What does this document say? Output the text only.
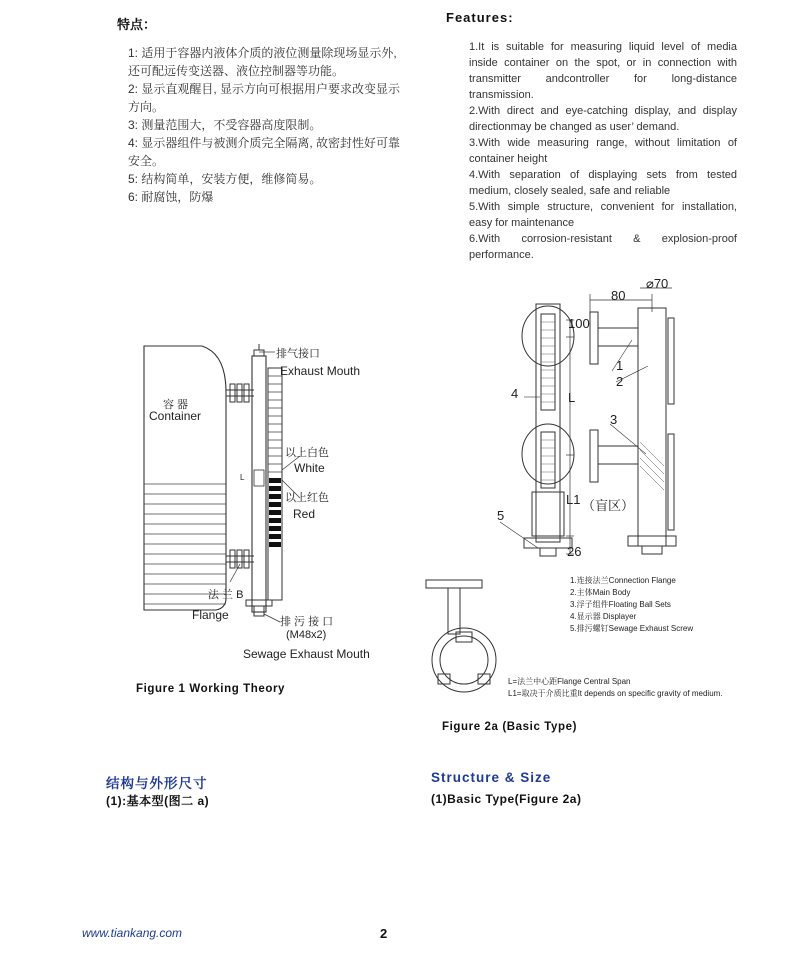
特点：

1: 适用于容器内液体介质的液位测量除现场显示外,

还可配远传变送器、液位控制器等功能。

2: 显示直观醒目, 显示方向可根据用户要求改变显示

方向。

3: 测量范围大，不受容器高度限制。

4: 显示器组件与被测介质完全隔离, 故密封性好可靠

安全。

5: 结构简单，安装方便，维修简易。

6: 耐腐蚀，防爆

Features:

1.It is suitable for measuring liquid level of media inside container on the spot, or in connection with transmitter andcontroller for long-distance transmission.

2.With direct and eye-catching display, and display directionmay be changed as user’ demand.

3.With wide measuring range, without limitation of container height

4.With separation of displaying sets from tested medium, closely sealed, safe and reliable

5.With simple structure, convenient for installation, easy for maintenance

6.With corrosion-resistant & explosion-proof performance.

L
排气接口
Exhaust Mouth
容 器
Container
以上白色
White
以上红色
Red
法 兰 B
Flange	排 污 接 口
(M48x2)
Sewage Exhaust Mouth
Figure 1 Working Theory
80
⌀70
100
L
L1 （盲区）
26
1
2
3
4
5
1.连接法兰Connection Flange
2.主体Main Body
3.浮子组件Floating Ball Sets
4.显示器 Displayer
5.排污螺钉Sewage Exhaust Screw
L=法兰中心距Flange Central Span
L1=取决于介质比重It depends on specific gravity of medium.
Figure 2a (Basic Type)
结构与外形尺寸
(1):基本型(图二 a)
Structure & Size
(1)Basic Type(Figure 2a)
www.tiankang.com	2
